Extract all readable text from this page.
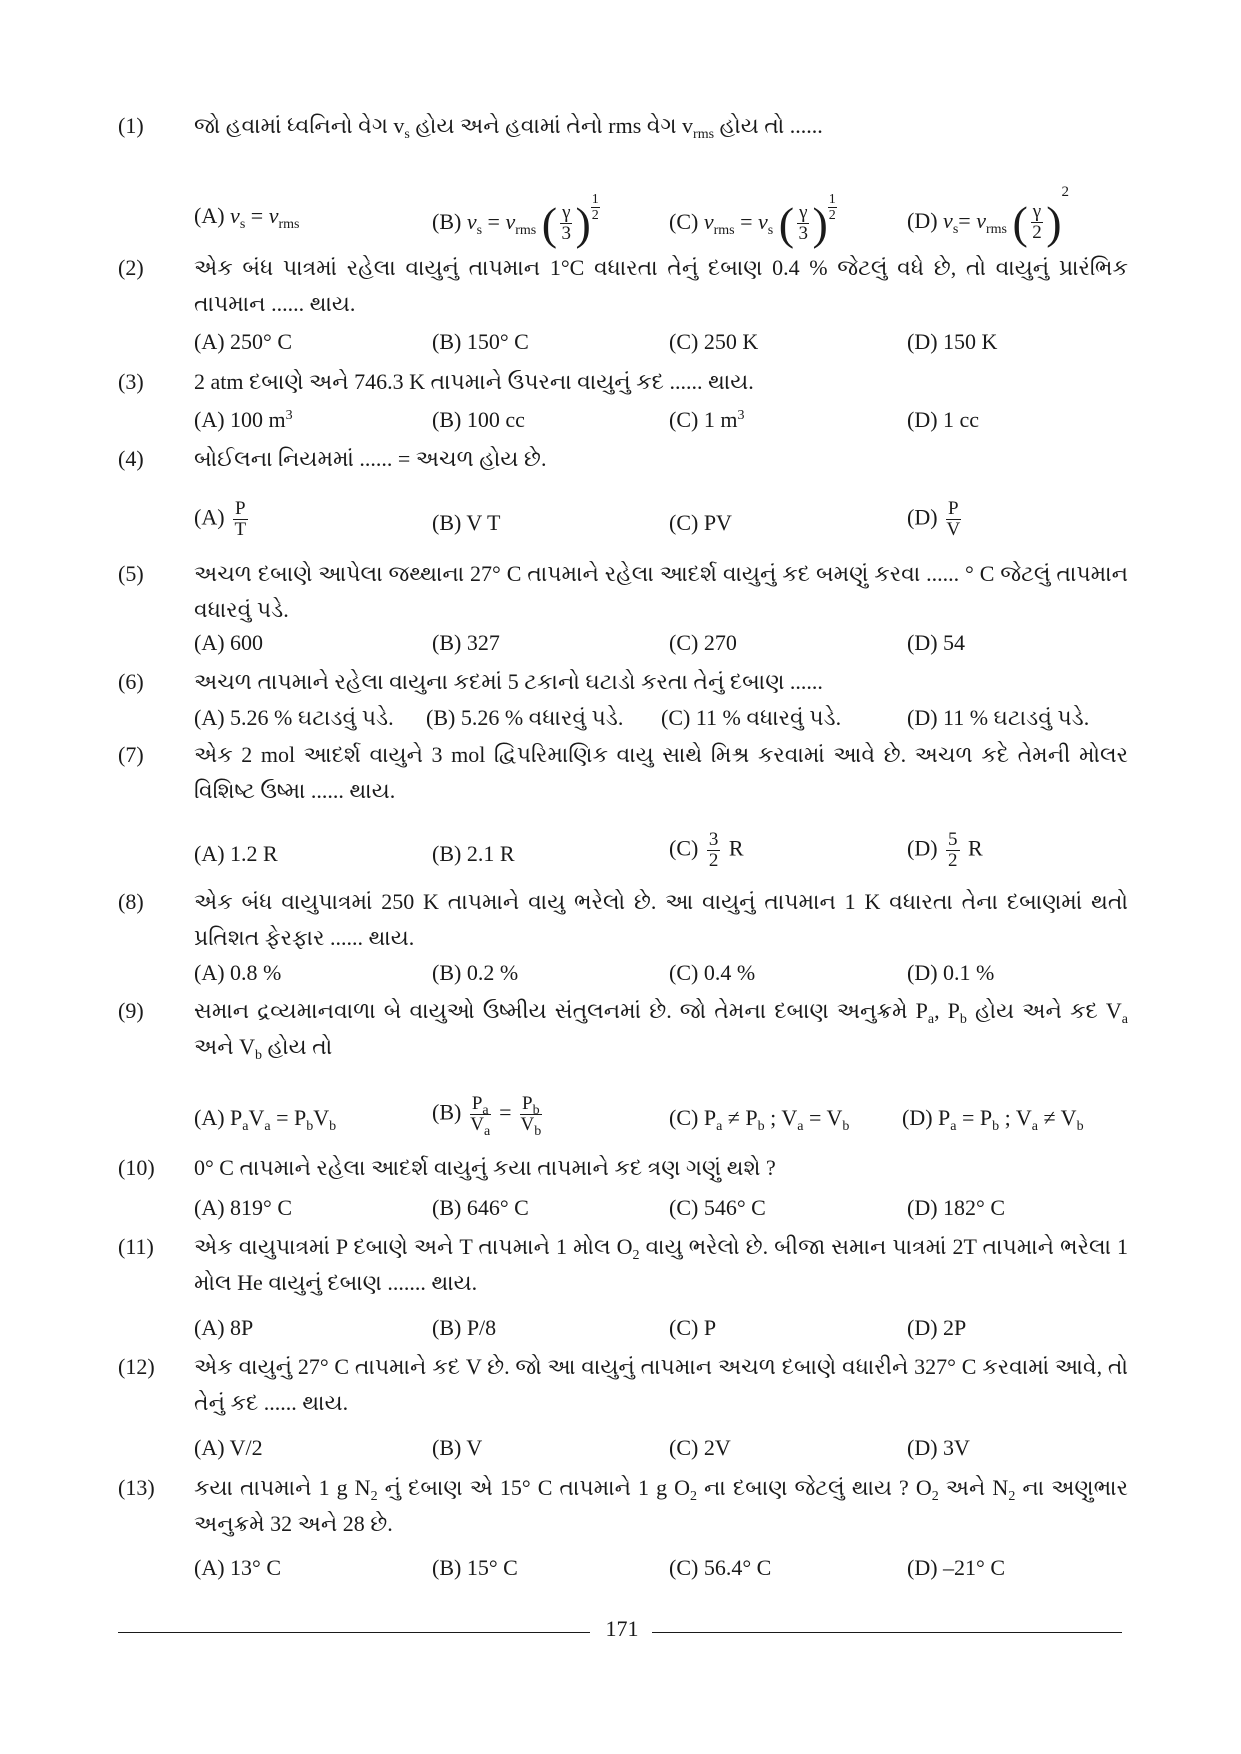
(1)	જો હવામાં ધ્વનિનો વેગ $v_s$ હોય અને હવામાં તેનો rms વેગ $v_{rms}$ હોય તો ......
(A) $v_s = v_{rms}$	(B) $v_s = v_{rms}$ ( $\frac{\gamma}{3}$ ) $\frac{1}{2}$	(C) $v_{rms} = v_s$ ( $\frac{\gamma}{3}$ ) $\frac{1}{2}$	(D) $v_s= v_{rms}$ ( $\frac{\gamma}{2} )^2$
(2)	એક બંધ પાત્રમાં રહેલા વાયુનું તાપમાન 1°C વધારતા તેનું દબાણ 0.4 % જેટલું વધે છે, તો વાયુનું પ્રારંભિક તાપમાન ...... થાય.
(A) 250° C	(B) 150° C	(C) 250 K	(D) 150 K
(3)	2 atm દબાણે અને 746.3 K તાપમાને ઉપરના વાયુનું કદ ...... થાય.
(A) 100 $m^3$	(B) 100 cc	(C) 1 $m^3$	(D) 1 cc
(4)	બોઈલના નિયમમાં ...... = અચળ હોય છે.
$(A) \frac{P}{T}$	(B) V T	(C) PV	$(D) \frac{P}{V}$
(5)	અચળ દબાણે આપેલા જથ્થાના 27° C તાપમાને રહેલા આદર્શ વાયુનું કદ બમણું કરવા ...... ° C જેટલું તાપમાન વધારવું પડે.
(A) 600	(B) 327	(C) 270	(D) 54
(6)	અચળ તાપમાને રહેલા વાયુના કદમાં 5 ટકાનો ઘટાડો કરતા તેનું દબાણ ......
(A) 5.26 % ઘટાડવું પડે. (B) 5.26 % વધારવું પડે. (C) 11 % વધારવું પડે.	(D) 11 % ઘટાડવું પડે.
(7)	એક 2 mol આદર્શ વાયુને 3 mol દ્વિપરિમાણિક વાયુ સાથે મિશ્ર કરવામાં આવે છે. અચળ કદે તેમની મોલર વિશિષ્ટ ઉષ્મા ...... થાય.
(A) 1.2 R	(B) 2.1 R	$(C) \frac{3}{2}$ R	$(D) \frac{5}{2}$ R
(8)	એક બંધ વાયુપાત્રમાં 250 K તાપમાને વાયુ ભરેલો છે. આ વાયુનું તાપમાન 1 K વધારતા તેના દબાણમાં થતો પ્રતિશત ફેરફાર ...... થાય.
(A) 0.8 %	(B) 0.2 %	(C) 0.4 %	(D) 0.1 %
(9)	સમાન દ્રવ્યમાનવાળા બે વાયુઓ ઉષ્મીય સંતુલનમાં છે. જો તેમના દબાણ અનુક્રમે $P_a$, $P_b$ હોય અને કદ $V_a$ અને $V_b$ હોય તો
(A) $P_aV_a = P_bV_b$
$(B) \frac{P_a}{V_a} = \frac{P_b}{V_b}$	(C) $P_a \ne P_b$ ; $V_a = V_b$ (D) $P_a = P_b$ ; $V_a \ne V_b$
(10)	0° C તાપમાને રહેલા આદર્શ વાયુનું કયા તાપમાને કદ ત્રણ ગણું થશે ?
(A) 819° C	(B) 646° C	(C) 546° C	(D) 182° C
(11)	એક વાયુપાત્રમાં P દબાણે અને T તાપમાને 1 મોલ $O_2$ વાયુ ભરેલો છે. બીજા સમાન પાત્રમાં 2T તાપમાને ભરેલા 1 મોલ He વાયુનું દબાણ ....... થાય.
(A) 8P	(B) P/8	(C) P	(D) 2P
(12)	એક વાયુનું 27° C તાપમાને કદ V છે. જો આ વાયુનું તાપમાન અચળ દબાણે વધારીને 327° C કરવામાં આવે, તો તેનું કદ ...... થાય.
(A) V/2	(B) V	(C) 2V	(D) 3V
(13)	કયા તાપમાને 1 g $N_2$ નું દબાણ એ 15° C તાપમાને 1 g $O_2$ ના દબાણ જેટલું થાય ? $O_2$ અને $N_2$ ના અણુભાર અનુક્રમે 32 અને 28 છે.
(A) 13° C	(B) 15° C	(C) 56.4° C	(D) –21° C
171
